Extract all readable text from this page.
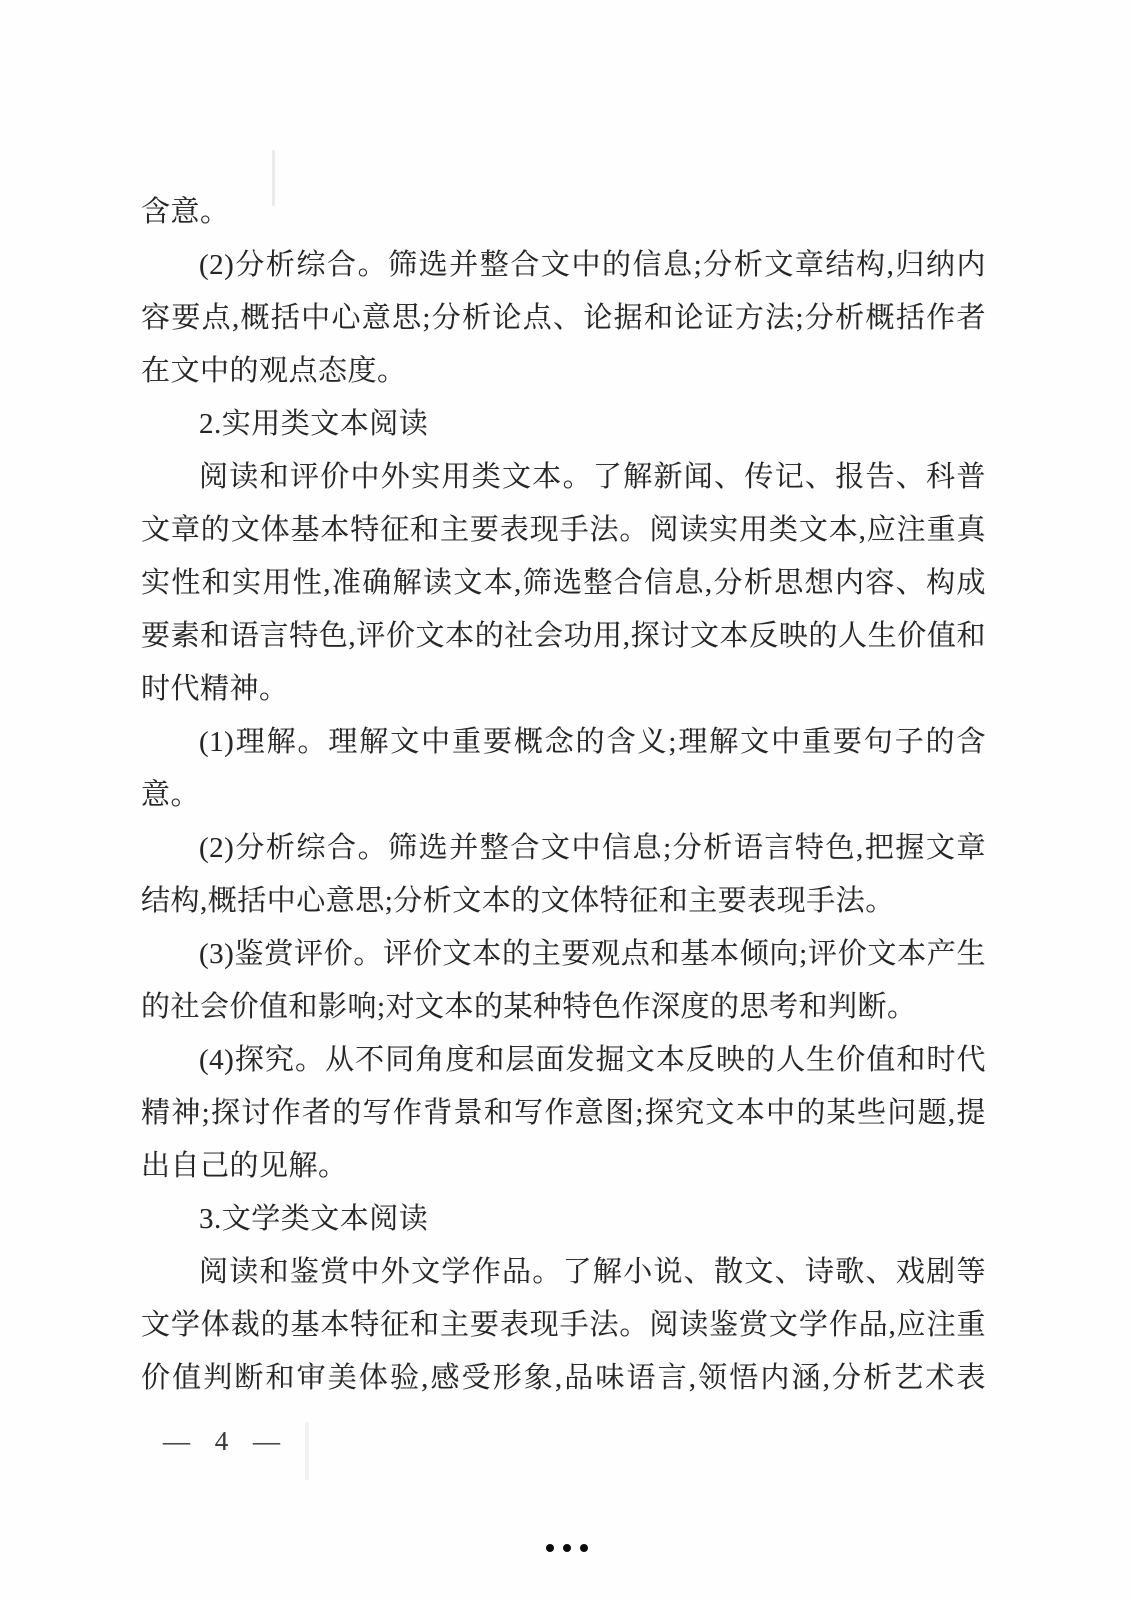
含意。

(2)分析综合。筛选并整合文中的信息;分析文章结构,归纳内容要点,概括中心意思;分析论点、论据和论证方法;分析概括作者在文中的观点态度。

2.实用类文本阅读

阅读和评价中外实用类文本。了解新闻、传记、报告、科普文章的文体基本特征和主要表现手法。阅读实用类文本,应注重真实性和实用性,准确解读文本,筛选整合信息,分析思想内容、构成要素和语言特色,评价文本的社会功用,探讨文本反映的人生价值和时代精神。

(1)理解。理解文中重要概念的含义;理解文中重要句子的含意。

(2)分析综合。筛选并整合文中信息;分析语言特色,把握文章结构,概括中心意思;分析文本的文体特征和主要表现手法。

(3)鉴赏评价。评价文本的主要观点和基本倾向;评价文本产生的社会价值和影响;对文本的某种特色作深度的思考和判断。

(4)探究。从不同角度和层面发掘文本反映的人生价值和时代精神;探讨作者的写作背景和写作意图;探究文本中的某些问题,提出自己的见解。

3.文学类文本阅读

阅读和鉴赏中外文学作品。了解小说、散文、诗歌、戏剧等文学体裁的基本特征和主要表现手法。阅读鉴赏文学作品,应注重价值判断和审美体验,感受形象,品味语言,领悟内涵,分析艺术表

— 4 —
